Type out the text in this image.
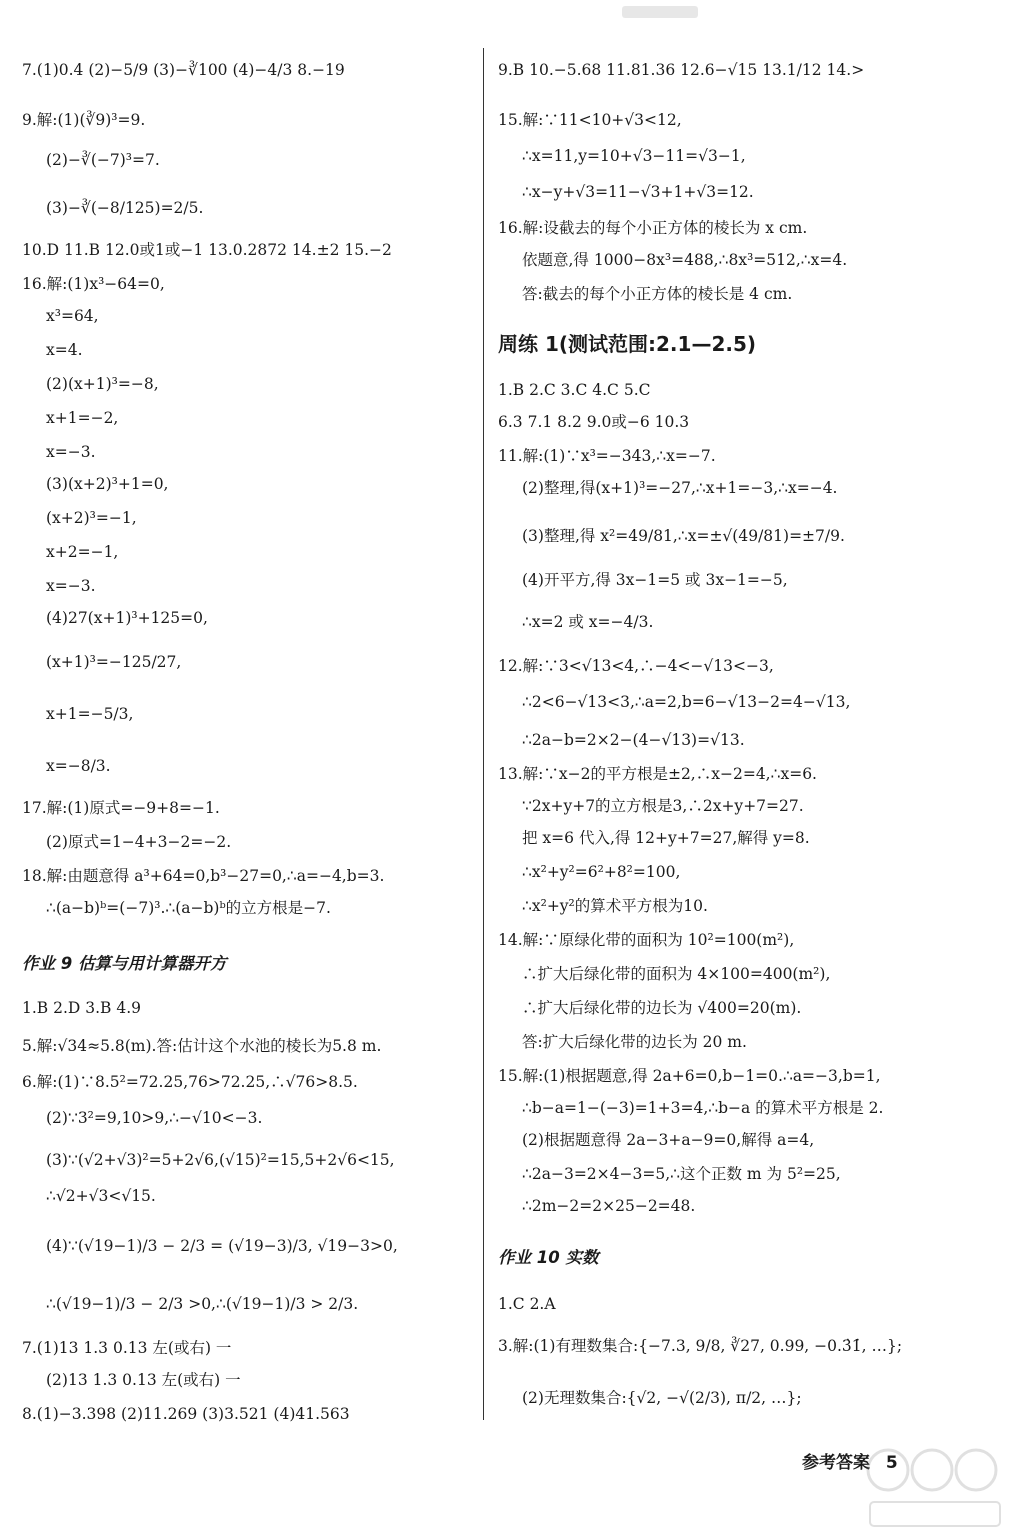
7.(1)0.4 (2)−5/9 (3)−∛100 (4)−4/3 8.−19
9.解:(1)(∛9)³=9.
(2)−∛(−7)³=7.
(3)−∛(−8/125)=2/5.
10.D 11.B 12.0或1或−1 13.0.2872 14.±2 15.−2
16.解:(1)x³−64=0,
x³=64,
x=4.
(2)(x+1)³=−8,
x+1=−2,
x=−3.
(3)(x+2)³+1=0,
(x+2)³=−1,
x+2=−1,
x=−3.
(4)27(x+1)³+125=0,
(x+1)³=−125/27,
x+1=−5/3,
x=−8/3.
17.解:(1)原式=−9+8=−1.
(2)原式=1−4+3−2=−2.
18.解:由题意得 a³+64=0,b³−27=0,∴a=−4,b=3.
∴(a−b)ᵇ=(−7)³.∴(a−b)ᵇ的立方根是−7.
1.B 2.D 3.B 4.9
5.解:√34≈5.8(m).答:估计这个水池的棱长为5.8 m.
6.解:(1)∵8.5²=72.25,76>72.25,∴√76>8.5.
(2)∵3²=9,10>9,∴−√10<−3.
(3)∵(√2+√3)²=5+2√6,(√15)²=15,5+2√6<15,
∴√2+√3<√15.
(4)∵(√19−1)/3 − 2/3 = (√19−3)/3, √19−3>0,
∴(√19−1)/3 − 2/3 >0,∴(√19−1)/3 > 2/3.
7.(1)13 1.3 0.13 左(或右) 一
(2)13 1.3 0.13 左(或右) 一
8.(1)−3.398 (2)11.269 (3)3.521 (4)41.563
9.B 10.−5.68 11.81.36 12.6−√15 13.1/12 14.>
15.解:∵11<10+√3<12,
∴x=11,y=10+√3−11=√3−1,
∴x−y+√3=11−√3+1+√3=12.
16.解:设截去的每个小正方体的棱长为 x cm.
依题意,得 1000−8x³=488,∴8x³=512,∴x=4.
答:截去的每个小正方体的棱长是 4 cm.
1.B 2.C 3.C 4.C 5.C
6.3 7.1 8.2 9.0或−6 10.3
11.解:(1)∵x³=−343,∴x=−7.
(2)整理,得(x+1)³=−27,∴x+1=−3,∴x=−4.
(3)整理,得 x²=49/81,∴x=±√(49/81)=±7/9.
(4)开平方,得 3x−1=5 或 3x−1=−5,
∴x=2 或 x=−4/3.
12.解:∵3<√13<4,∴−4<−√13<−3,
∴2<6−√13<3,∴a=2,b=6−√13−2=4−√13,
∴2a−b=2×2−(4−√13)=√13.
13.解:∵x−2的平方根是±2,∴x−2=4,∴x=6.
∵2x+y+7的立方根是3,∴2x+y+7=27.
把 x=6 代入,得 12+y+7=27,解得 y=8.
∴x²+y²=6²+8²=100,
∴x²+y²的算术平方根为10.
14.解:∵原绿化带的面积为 10²=100(m²),
∴扩大后绿化带的面积为 4×100=400(m²),
∴扩大后绿化带的边长为 √400=20(m).
答:扩大后绿化带的边长为 20 m.
15.解:(1)根据题意,得 2a+6=0,b−1=0.∴a=−3,b=1,
∴b−a=1−(−3)=1+3=4,∴b−a 的算术平方根是 2.
(2)根据题意得 2a−3+a−9=0,解得 a=4,
∴2a−3=2×4−3=5,∴这个正数 m 为 5²=25,
∴2m−2=2×25−2=48.
1.C 2.A
3.解:(1)有理数集合:{−7.3, 9/8, ∛27, 0.99, −0.3̇1̇, …};
(2)无理数集合:{√2, −√(2/3), π/2, …};
作业 9 估算与用计算器开方
周练 1(测试范围:2.1—2.5)
作业 10 实数
参考答案 5
